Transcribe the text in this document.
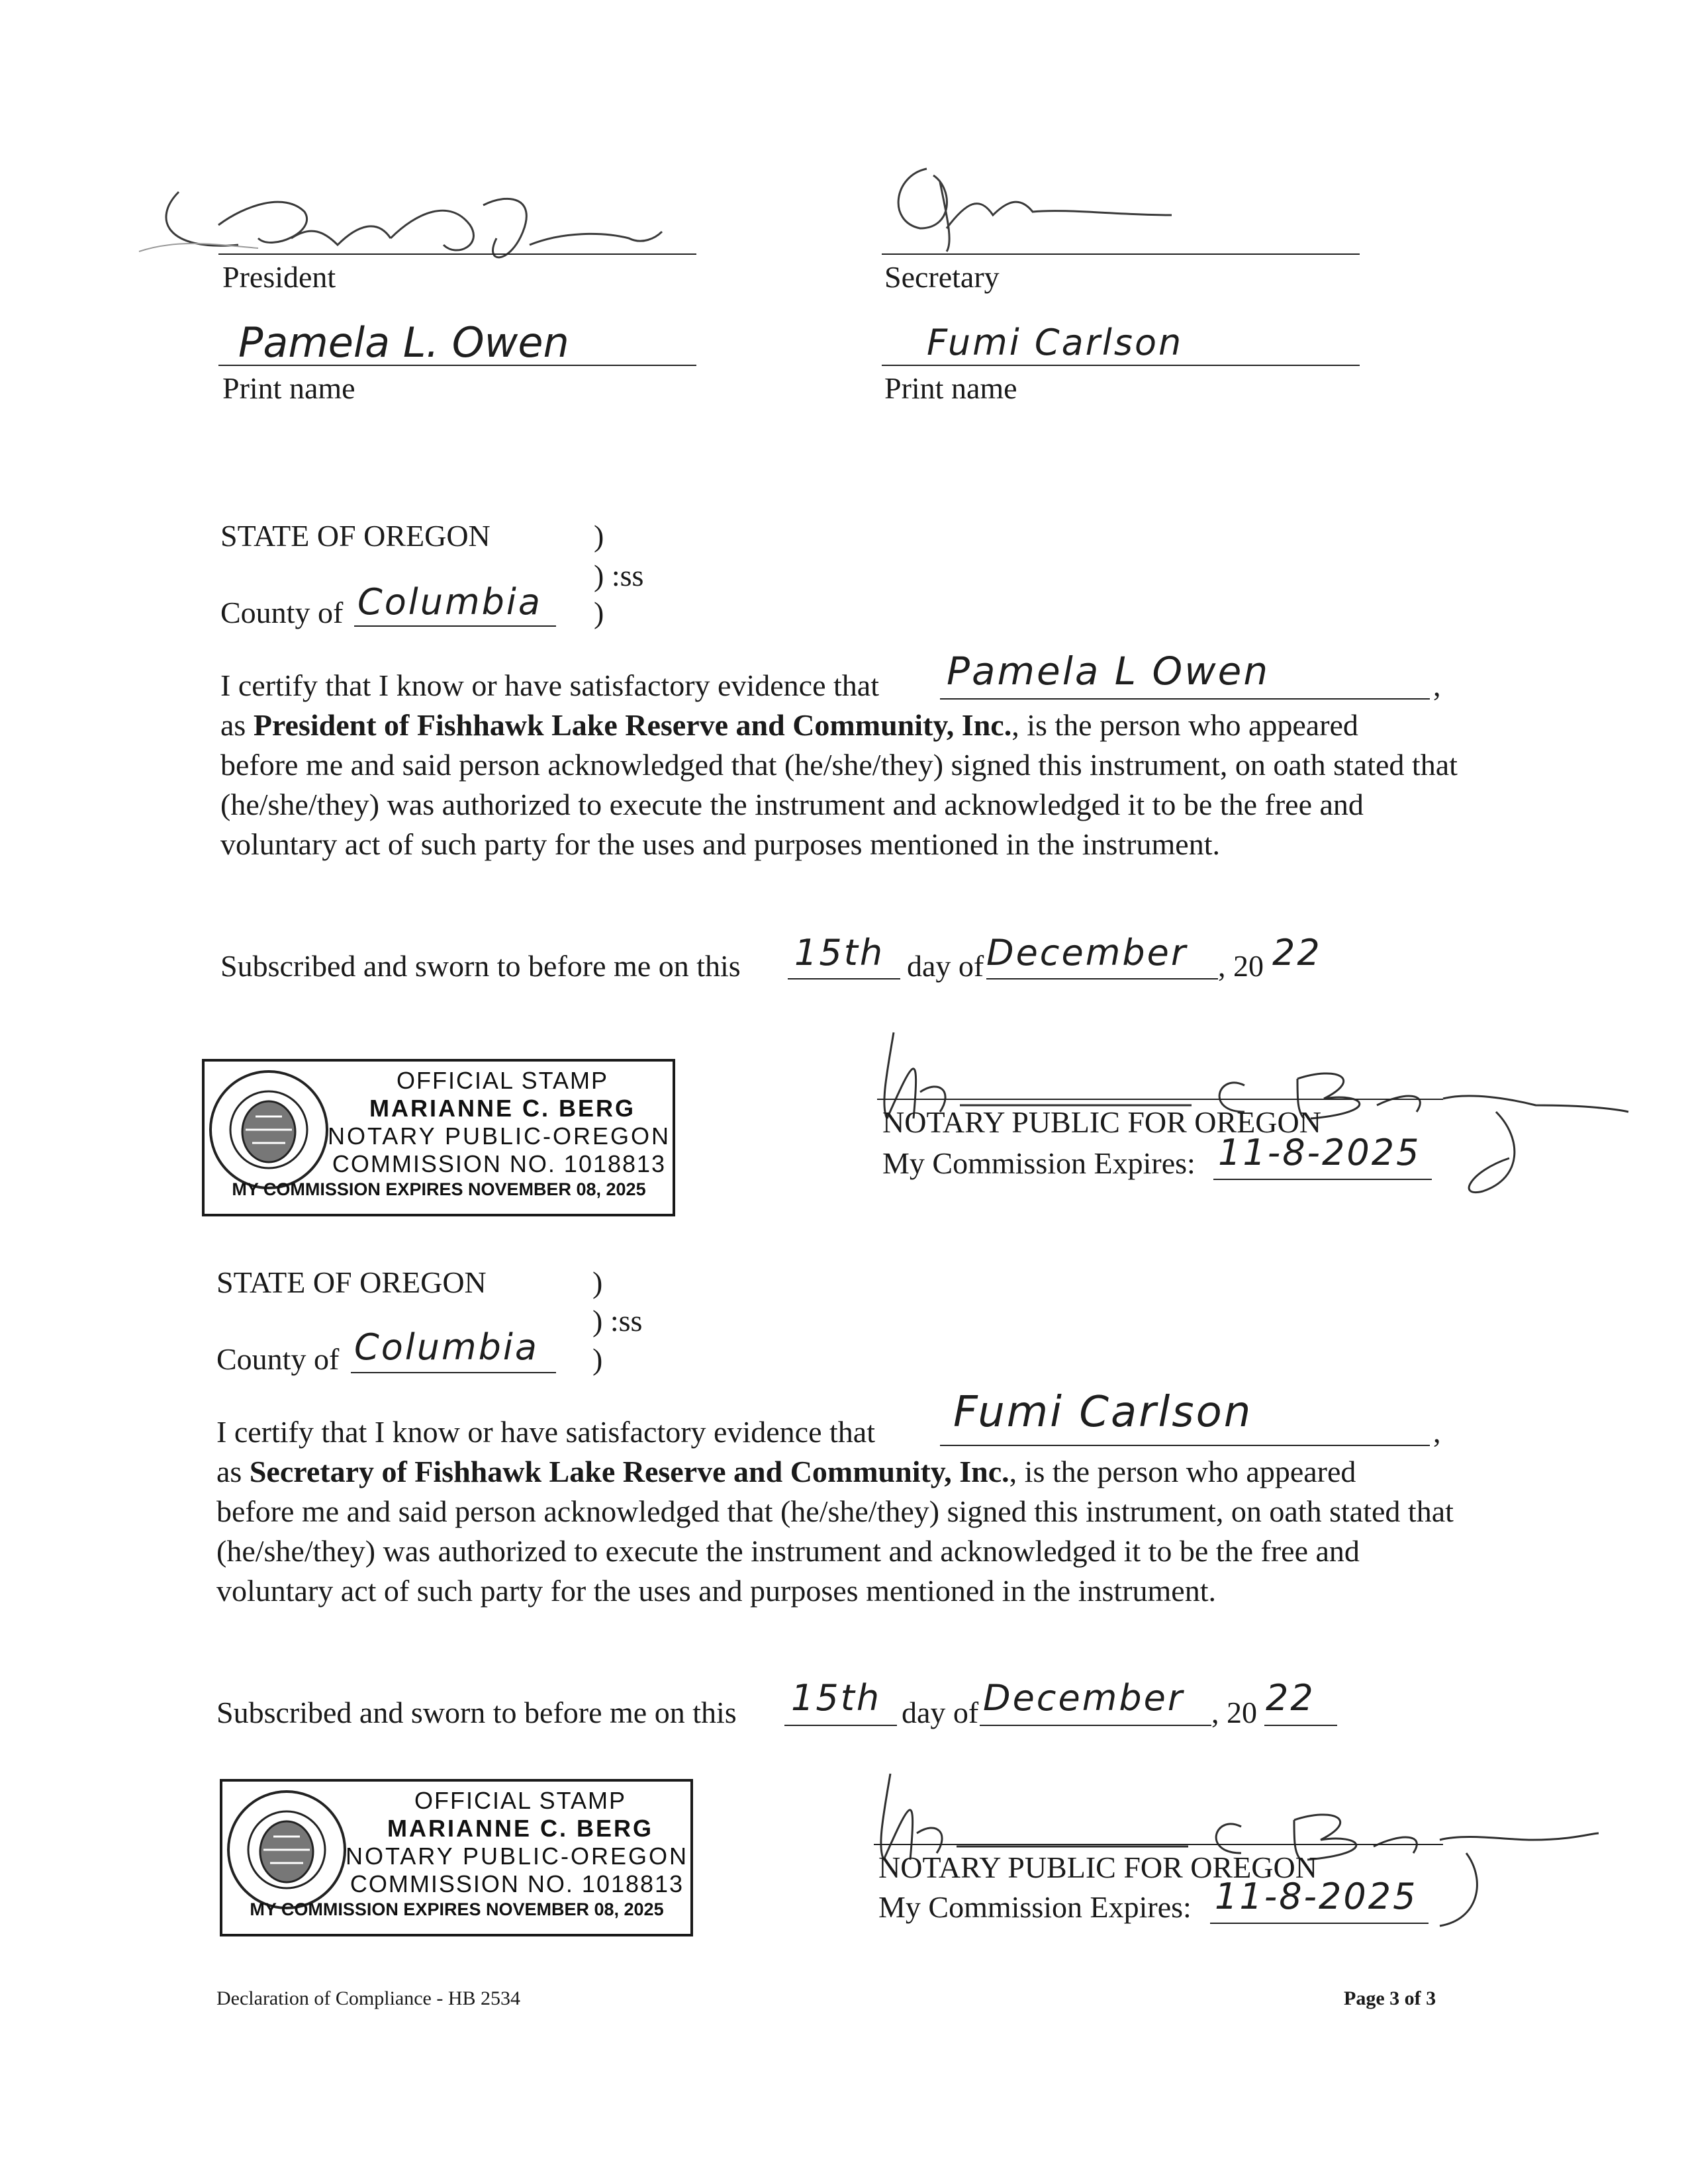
President
Pamela L. Owen
Print name
Secretary
Fumi Carlson
Print name
STATE OF OREGON	)
) :ss
County of Columbia )
I certify that I know or have satisfactory evidence that Pamela L Owen	,
as President of Fishhawk Lake Reserve and Community, Inc., is the person who appeared
before me and said person acknowledged that (he/she/they) signed this instrument, on oath stated that (he/she/they) was authorized to execute the instrument and acknowledged it to be the free and voluntary act of such party for the uses and purposes mentioned in the instrument.
Subscribed and sworn to before me on this 15th day of December , 20 22
NOTARY PUBLIC FOR OREGON
My Commission Expires: 11-8-2025
OFFICIAL STAMP
MARIANNE C. BERG
NOTARY PUBLIC-OREGON
COMMISSION NO. 1018813
MY COMMISSION EXPIRES NOVEMBER 08, 2025
STATE OF OREGON	)
) :ss
County of Columbia )
I certify that I know or have satisfactory evidence that Fumi Carlson	,
as Secretary of Fishhawk Lake Reserve and Community, Inc., is the person who appeared
before me and said person acknowledged that (he/she/they) signed this instrument, on oath stated that (he/she/they) was authorized to execute the instrument and acknowledged it to be the free and voluntary act of such party for the uses and purposes mentioned in the instrument.
Subscribed and sworn to before me on this 15th day of December , 20 22
NOTARY PUBLIC FOR OREGON
My Commission Expires: 11-8-2025
OFFICIAL STAMP
MARIANNE C. BERG
NOTARY PUBLIC-OREGON
COMMISSION NO. 1018813
MY COMMISSION EXPIRES NOVEMBER 08, 2025
Declaration of Compliance - HB 2534	Page 3 of 3
